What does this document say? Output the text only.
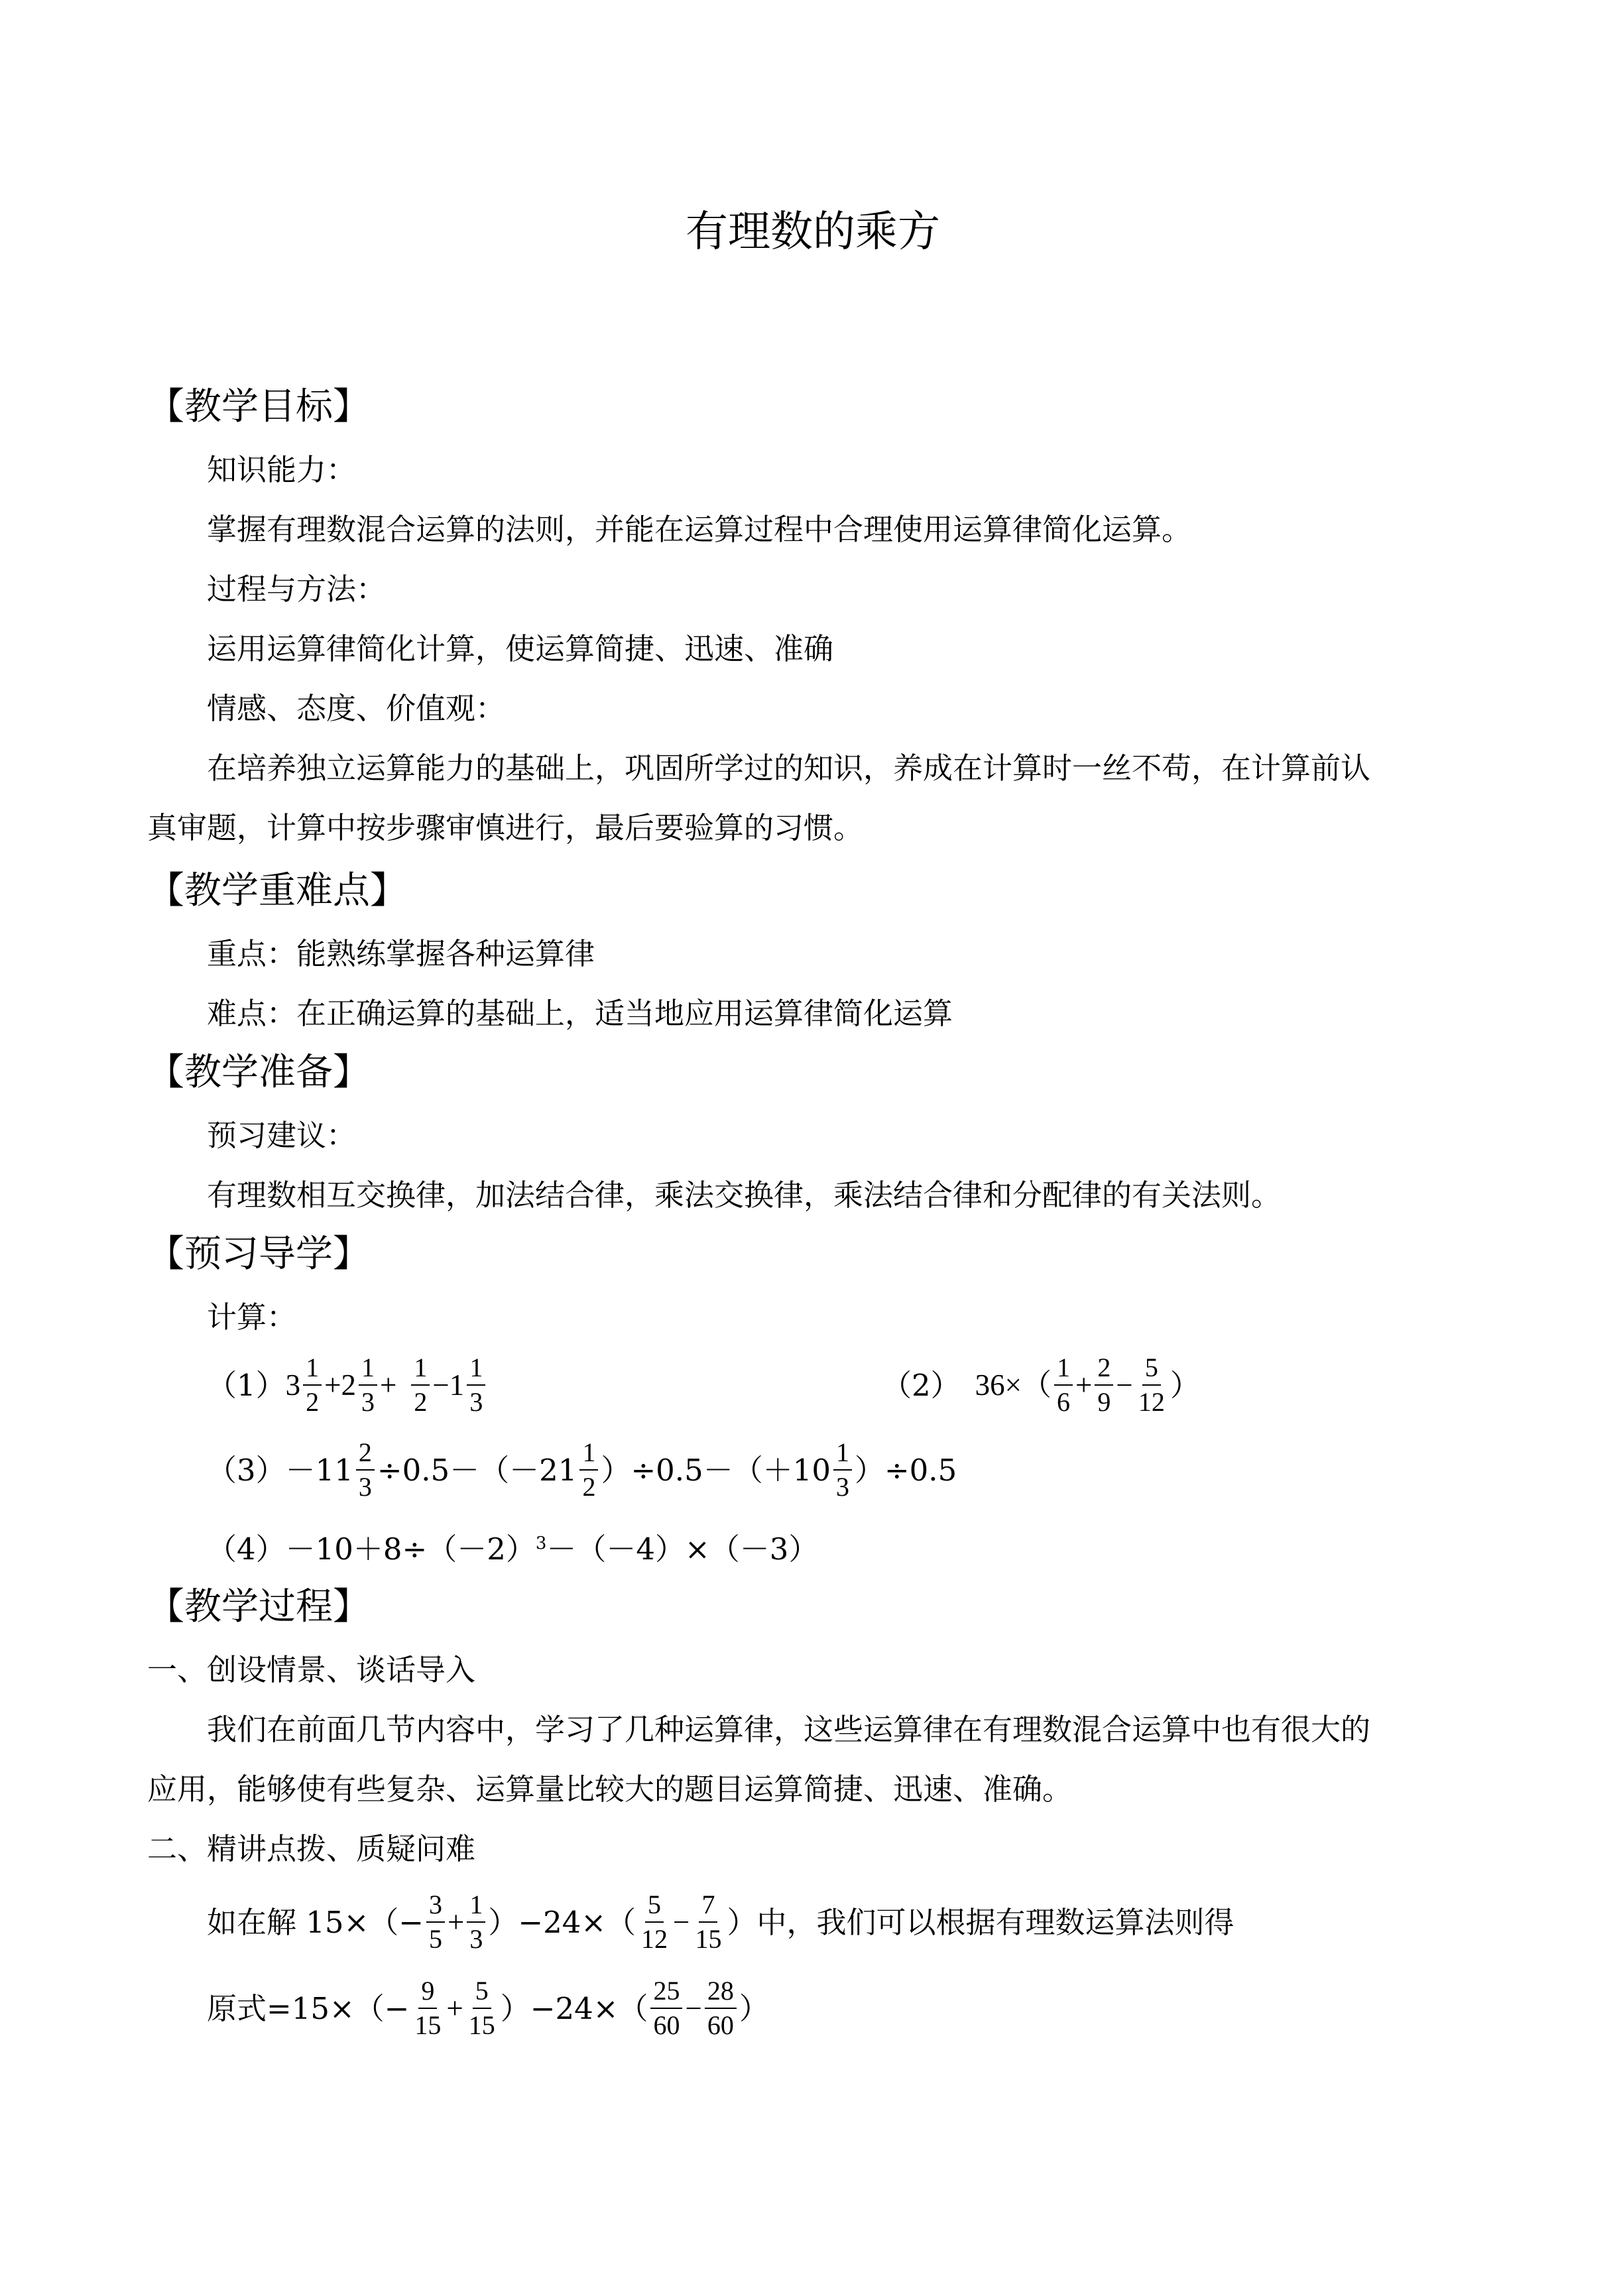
有理数的乘方
【教学目标】
知识能力：
掌握有理数混合运算的法则，并能在运算过程中合理使用运算律简化运算。
过程与方法：
运用运算律简化计算，使运算简捷、迅速、准确
情感、态度、价值观：
在培养独立运算能力的基础上，巩固所学过的知识，养成在计算时一丝不苟，在计算前认
真审题，计算中按步骤审慎进行，最后要验算的习惯。
【教学重难点】
重点：能熟练掌握各种运算律
难点：在正确运算的基础上，适当地应用运算律简化运算
【教学准备】
预习建议：
有理数相互交换律，加法结合律，乘法交换律，乘法结合律和分配律的有关法则。
【预习导学】
计算：
（1） $3 \frac{1}{2} +2 \frac{1}{3} + \frac{1}{2} -1 \frac{1}{3}$	（2） $36\times( \frac{1}{6} + \frac{2}{9} - \frac{5}{12}$ ）
$(3) -11 \frac{2}{3} \div 0.5-(-21 \frac{1}{2} )\div 0.5-(+10 \frac{1}{3} )\div 0.5$
$(4)-10+8\div(-2)^3-(-4)\times(-3)$
【教学过程】
一、创设情景、谈话导入
我们在前面几节内容中，学习了几种运算律，这些运算律在有理数混合运算中也有很大的
应用，能够使有些复杂、运算量比较大的题目运算简捷、迅速、准确。
二、精讲点拨、质疑问难
如在解 $15\times(- \frac{3}{5} + \frac{1}{3} )-24\times( \frac{5}{12} - \frac{7}{15}$ ）中，我们可以根据有理数运算法则得
原式$=15\times(- \frac{9}{15} + \frac{5}{15} )-24\times( \frac{25}{60} - \frac{28}{60}$ ）
